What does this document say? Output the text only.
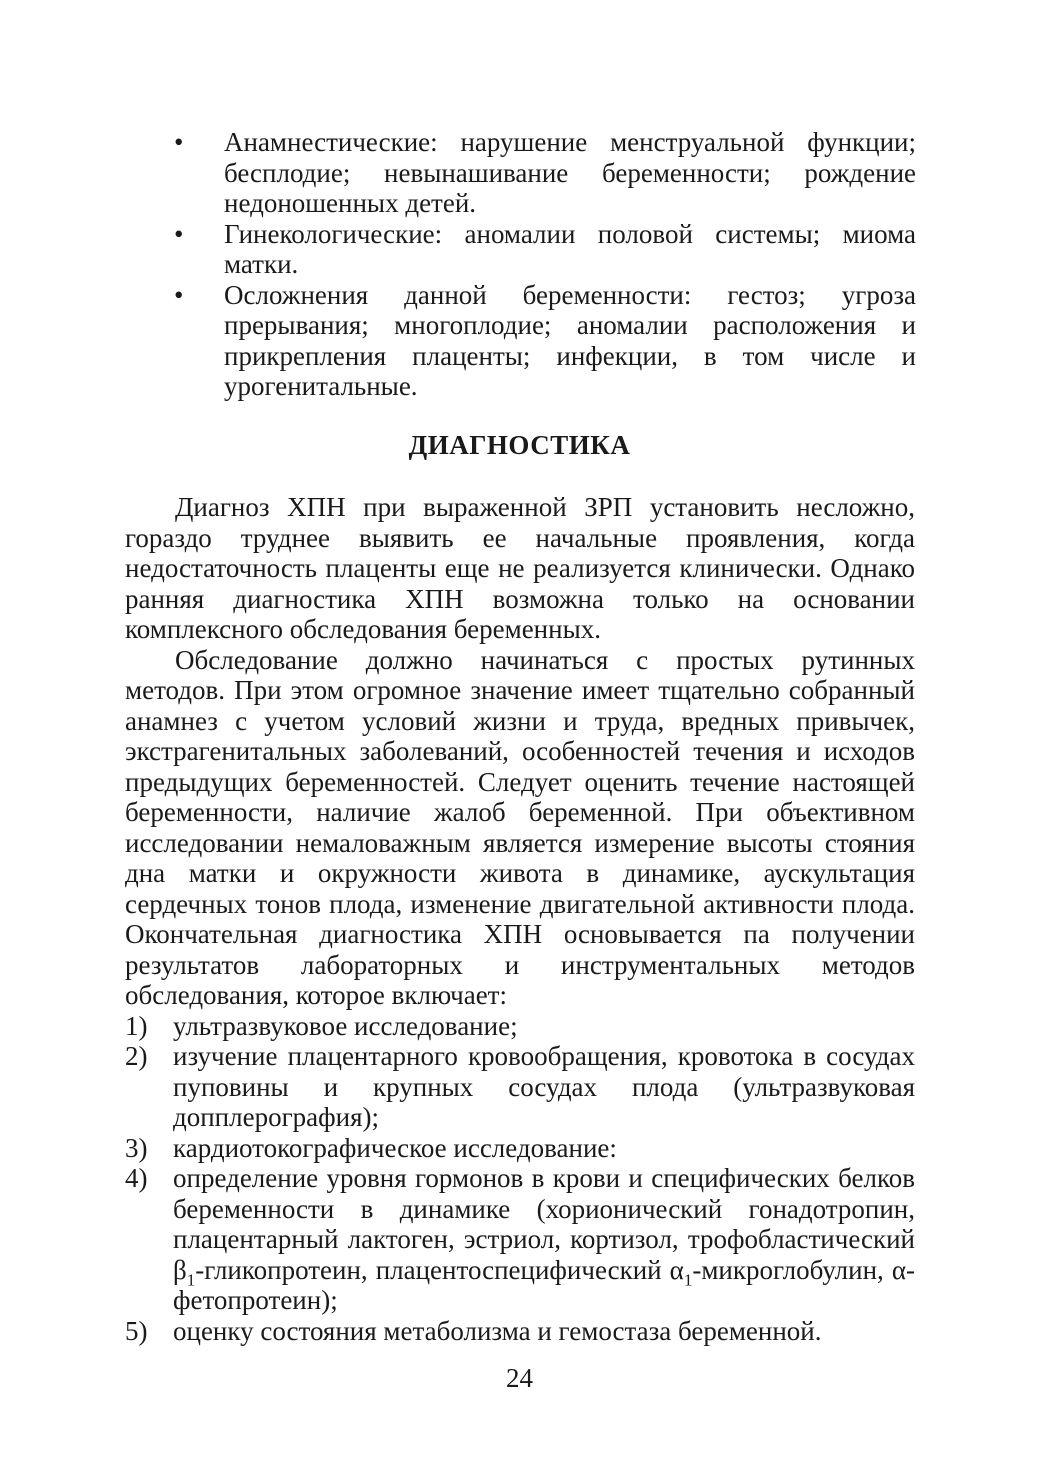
• Анамнестические: нарушение менструальной функции; бесплодие; невынашивание беременности; рождение недоношенных детей.
• Гинекологические: аномалии половой системы; миома матки.
• Осложнения данной беременности: гестоз; угроза прерывания; многоплодие; аномалии расположения и прикрепления плаценты; инфекции, в том числе и урогенитальные.
ДИАГНОСТИКА

Диагноз ХПН при выраженной ЗРП установить несложно, гораздо труднее выявить ее начальные проявления, когда недостаточность плаценты еще не реализуется клинически. Однако ранняя диагностика ХПН возможна только на основании комплексного обследования беременных.

Обследование должно начинаться с простых рутинных методов. При этом огромное значение имеет тщательно собранный анамнез с учетом условий жизни и труда, вредных привычек, экстрагенитальных заболеваний, особенностей течения и исходов предыдущих беременностей. Следует оценить течение настоящей беременности, наличие жалоб беременной. При объективном исследовании немаловажным является измерение высоты стояния дна матки и окружности живота в динамике, аускультация сердечных тонов плода, изменение двигательной активности плода. Окончательная диагностика ХПН основывается па получении результатов лабораторных и инструментальных методов обследования, которое включает:

1) ультразвуковое исследование;
2) изучение плацентарного кровообращения, кровотока в сосудах пуповины и крупных сосудах плода (ультразвуковая допплерография);
3) кардиотокографическое исследование:
4) определение уровня гормонов в крови и специфических белков беременности в динамике (хорионический гонадотропин, плацентарный лактоген, эстриол, кортизол, трофобластический $\beta_1$-гликопротеин, плацентоспецифический $\alpha_1$-микроглобулин, α-фетопротеин);
5) оценку состояния метаболизма и гемостаза беременной.
24
